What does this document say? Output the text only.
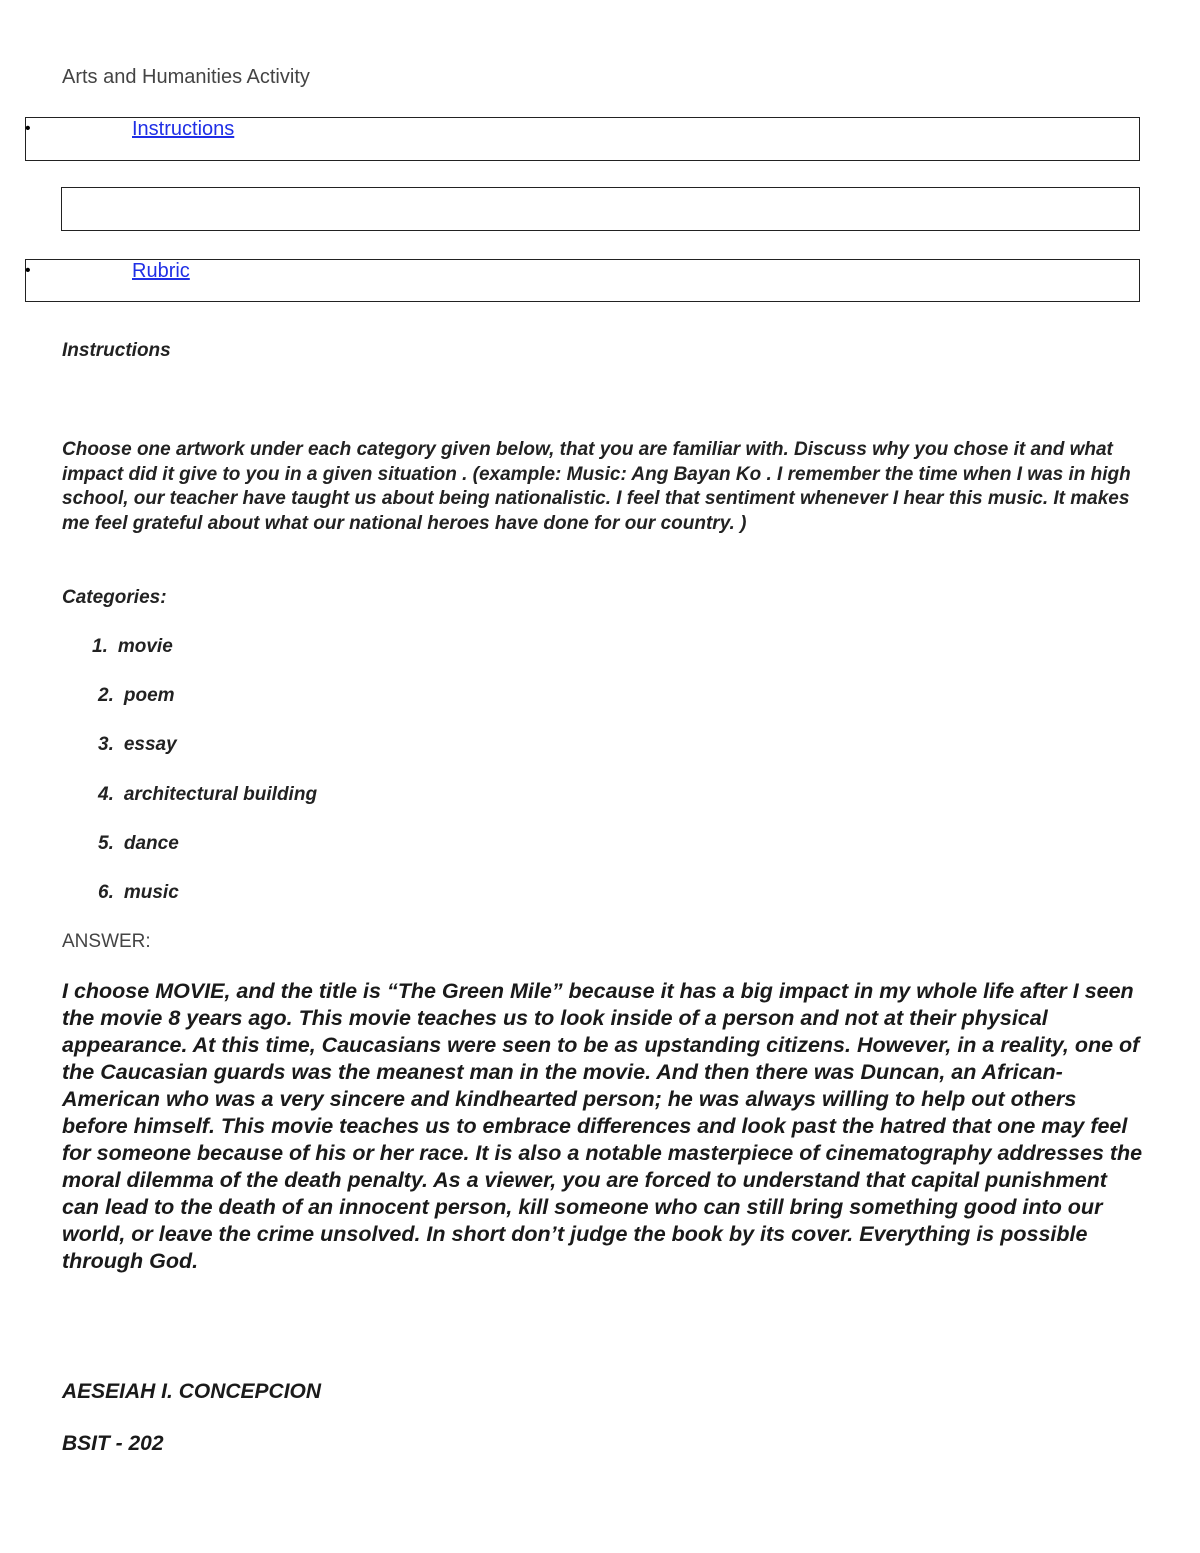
Arts and Humanities Activity
•	Instructions
•	Rubric
Instructions

Choose one artwork under each category given below, that you are familiar with. Discuss why you chose it and what impact did it give to you in a given situation . (example: Music: Ang Bayan Ko . I remember the time when I was in high school, our teacher have taught us about being nationalistic. I feel that sentiment whenever I hear this music. It makes me feel grateful about what our national heroes have done for our country. )

Categories:
1. movie
2. poem
3. essay
4. architectural building
5. dance
6. music
ANSWER:

I choose MOVIE, and the title is “The Green Mile” because it has a big impact in my whole life after I seen the movie 8 years ago. This movie teaches us to look inside of a person and not at their physical appearance. At this time, Caucasians were seen to be as upstanding citizens. However, in a reality, one of the Caucasian guards was the meanest man in the movie. And then there was Duncan, an African-American who was a very sincere and kindhearted person; he was always willing to help out others before himself. This movie teaches us to embrace differences and look past the hatred that one may feel for someone because of his or her race. It is also a notable masterpiece of cinematography addresses the moral dilemma of the death penalty. As a viewer, you are forced to understand that capital punishment can lead to the death of an innocent person, kill someone who can still bring something good into our world, or leave the crime unsolved. In short don’t judge the book by its cover. Everything is possible through God.

AESEIAH I. CONCEPCION
BSIT - 202
